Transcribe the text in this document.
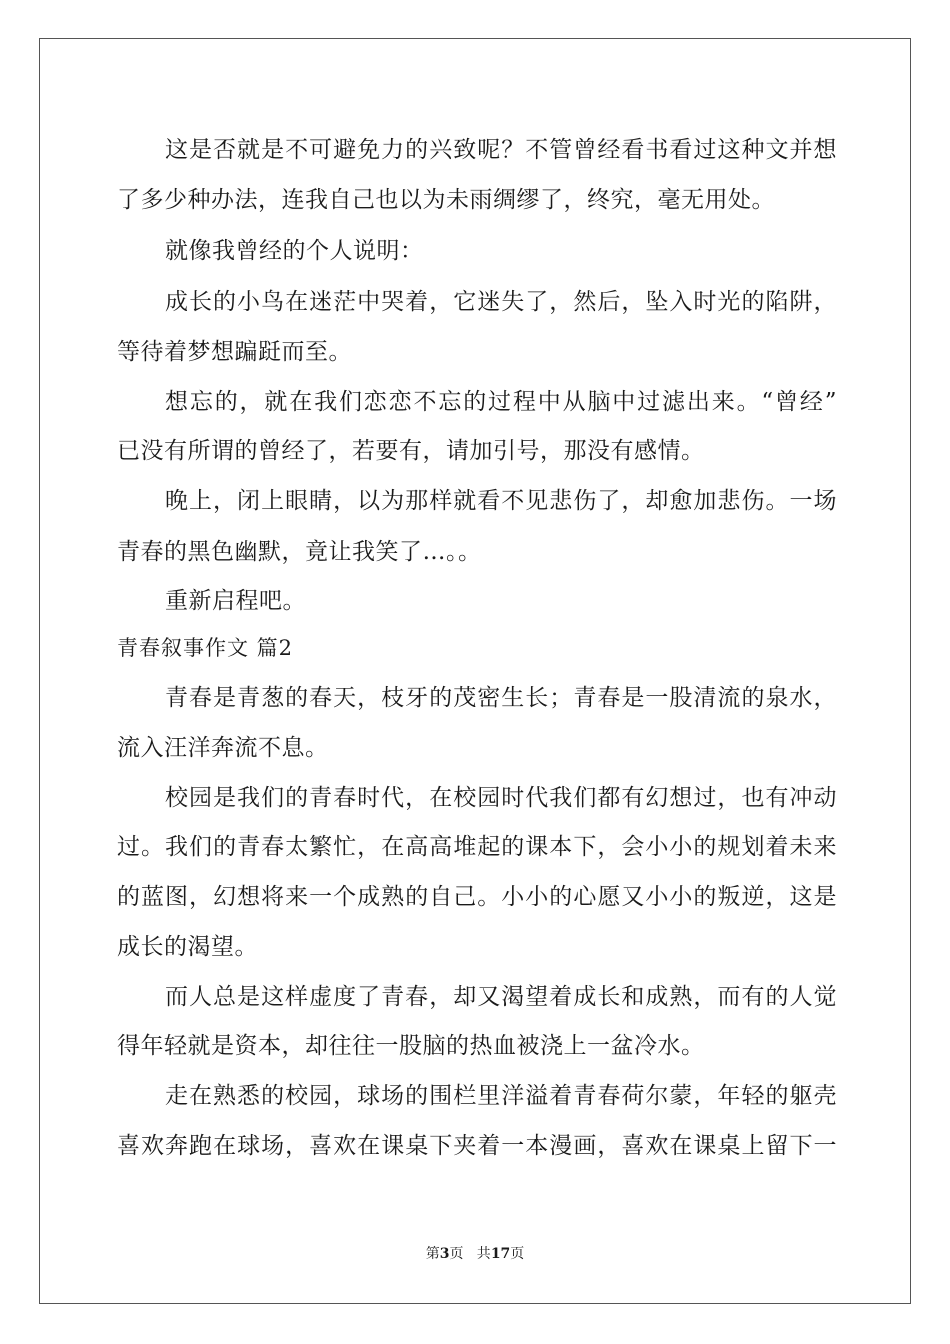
这是否就是不可避免力的兴致呢？不管曾经看书看过这种文并想
了多少种办法，连我自己也以为未雨绸缪了，终究，毫无用处。
就像我曾经的个人说明：
成长的小鸟在迷茫中哭着，它迷失了，然后，坠入时光的陷阱，
等待着梦想蹁跹而至。
想忘的，就在我们恋恋不忘的过程中从脑中过滤出来。“曾经”
已没有所谓的曾经了，若要有，请加引号，那没有感情。
晚上，闭上眼睛，以为那样就看不见悲伤了，却愈加悲伤。一场
青春的黑色幽默，竟让我笑了…。。
重新启程吧。
青春叙事作文 篇2
青春是青葱的春天，枝牙的茂密生长；青春是一股清流的泉水，
流入汪洋奔流不息。
校园是我们的青春时代，在校园时代我们都有幻想过，也有冲动
过。我们的青春太繁忙，在高高堆起的课本下，会小小的规划着未来
的蓝图，幻想将来一个成熟的自己。小小的心愿又小小的叛逆，这是
成长的渴望。
而人总是这样虚度了青春，却又渴望着成长和成熟，而有的人觉
得年轻就是资本，却往往一股脑的热血被浇上一盆冷水。
走在熟悉的校园，球场的围栏里洋溢着青春荷尔蒙，年轻的躯壳
喜欢奔跑在球场，喜欢在课桌下夹着一本漫画，喜欢在课桌上留下一
第3页   共17页
